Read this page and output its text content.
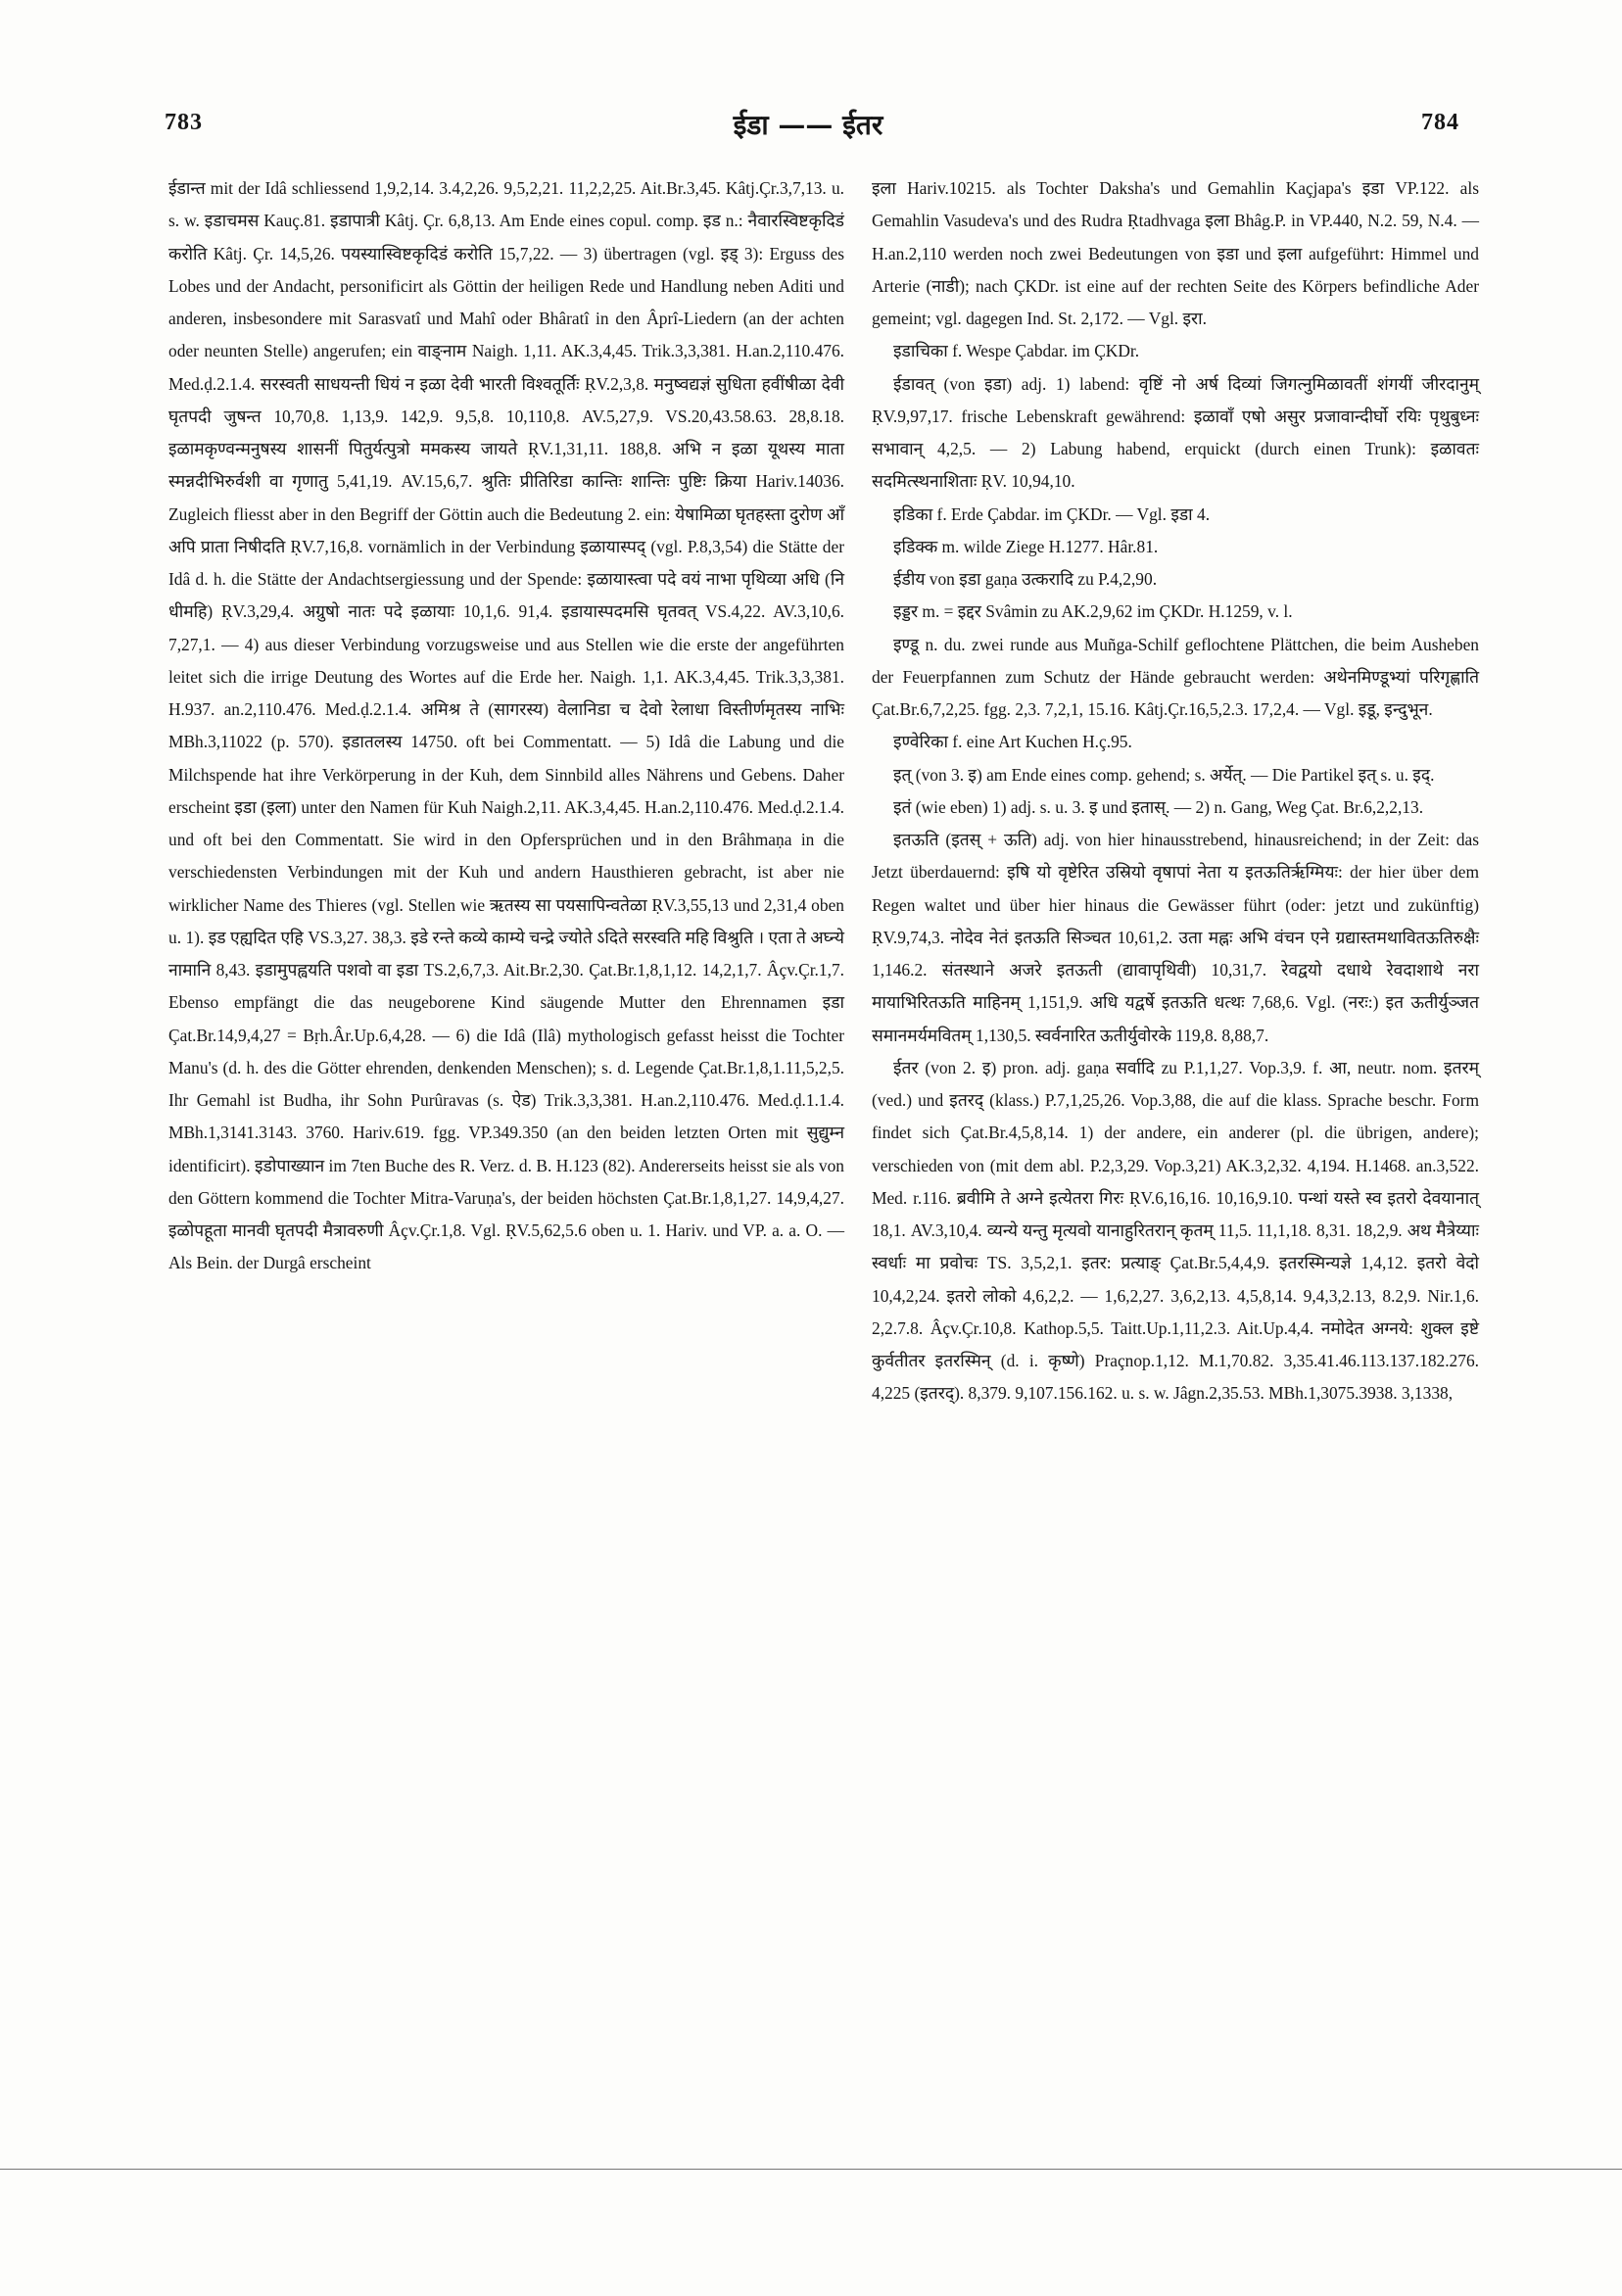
783	ईडा —— ईतर	784

ईडान्त mit der Idâ schliessend 1,9,2,14. 3.4,2,26. 9,5,2,21. 11,2,2,25. Ait.Br.3,45. Kâtj.Çr.3,7,13. u. s. w. इडाचमस Kauç.81. इडापात्री Kâtj. Çr. 6,8,13. Am Ende eines copul. comp. इड n.: नैवारस्विष्टकृदिडं करोति Kâtj. Çr. 14,5,26. पयस्यास्विष्टकृदिडं करोति 15,7,22. — 3) übertragen (vgl. इड् 3): Erguss des Lobes und der Andacht, personificirt als Göttin der heiligen Rede und Handlung neben Aditi und anderen, insbesondere mit Sarasvatî und Mahî oder Bhâratî in den Âprî-Liedern (an der achten oder neunten Stelle) angerufen; ein वाङ्नाम Naigh. 1,11. AK.3,4,45. Trik.3,3,381. H.an.2,110.476. Med.ḍ.2.1.4. सरस्वती साधयन्ती धियं न इळा देवी भारती विश्वतूर्तिः ṚV.2,3,8. मनुष्वद्यज्ञं सुधिता हवींषीळा देवी घृतपदी जुषन्त 10,70,8. 1,13,9. 142,9. 9,5,8. 10,110,8. AV.5,27,9. VS.20,43.58.63. 28,8.18. इळामकृण्वन्मनुषस्य शासनीं पितुर्यत्पुत्रो ममकस्य जायते ṚV.1,31,11. 188,8. अभि न इळा यूथस्य माता स्मन्नदीभिरुर्वशी वा गृणातु 5,41,19. AV.15,6,7. श्रुतिः प्रीतिरिडा कान्तिः शान्तिः पुष्टिः क्रिया Hariv.14036. Zugleich fliesst aber in den Begriff der Göttin auch die Bedeutung 2. ein: येषामिळा घृतहस्ता दुरोण आँ अपि प्राता निषीदति ṚV.7,16,8. vornämlich in der Verbindung इळायास्पद् (vgl. P.8,3,54) die Stätte der Idâ d. h. die Stätte der Andachtsergiessung und der Spende: इळायास्त्वा पदे वयं नाभा पृथिव्या अधि (नि धीमहि) ṚV.3,29,4. अग्रुषो नातः पदे इळायाः 10,1,6. 91,4. इडायास्पदमसि घृतवत् VS.4,22. AV.3,10,6. 7,27,1. — 4) aus dieser Verbindung vorzugsweise und aus Stellen wie die erste der angeführten leitet sich die irrige Deutung des Wortes auf die Erde her. Naigh. 1,1. AK.3,4,45. Trik.3,3,381. H.937. an.2,110.476. Med.ḍ.2.1.4. अमिश्र ते (सागरस्य) वेलानिडा च देवो रेलाधा विस्तीर्णमृतस्य नाभिः MBh.3,11022 (p. 570). इडातलस्य 14750. oft bei Commentatt. — 5) Idâ die Labung und die Milchspende hat ihre Verkörperung in der Kuh, dem Sinnbild alles Nährens und Gebens. Daher erscheint इडा (इला) unter den Namen für Kuh Naigh.2,11. AK.3,4,45. H.an.2,110.476. Med.ḍ.2.1.4. und oft bei den Commentatt. Sie wird in den Opfersprüchen und in den Brâhmaṇa in die verschiedensten Verbindungen mit der Kuh und andern Hausthieren gebracht, ist aber nie wirklicher Name des Thieres (vgl. Stellen wie ऋतस्य सा पयसापिन्वतेळा ṚV.3,55,13 und 2,31,4 oben u. 1). इड एह्यदित एहि VS.3,27. 38,3. इडे रन्ते कव्ये काम्ये चन्द्रे ज्योते ऽदिते सरस्वति महि विश्रुति । एता ते अघ्न्ये नामानि 8,43. इडामुपह्वयति पशवो वा इडा TS.2,6,7,3. Ait.Br.2,30. Çat.Br.1,8,1,12. 14,2,1,7. Âçv.Çr.1,7. Ebenso empfängt die das neugeborene Kind säugende Mutter den Ehrennamen इडा Çat.Br.14,9,4,27 = Bṛh.Âr.Up.6,4,28. — 6) die Idâ (Ilâ) mythologisch gefasst heisst die Tochter Manu's (d. h. des die Götter ehrenden, denkenden Menschen); s. d. Legende Çat.Br.1,8,1.11,5,2,5. Ihr Gemahl ist Budha, ihr Sohn Purûravas (s. ऐड) Trik.3,3,381. H.an.2,110.476. Med.ḍ.1.1.4. MBh.1,3141.3143. 3760. Hariv.619. fgg. VP.349.350 (an den beiden letzten Orten mit सुद्युम्न identificirt). इडोपाख्यान im 7ten Buche des R. Verz. d. B. H.123 (82). Andererseits heisst sie als von den Göttern kommend die Tochter Mitra-Varuṇa's, der beiden höchsten Çat.Br.1,8,1,27. 14,9,4,27. इळोपहूता मानवी घृतपदी मैत्रावरुणी Âçv.Çr.1,8. Vgl. ṚV.5,62,5.6 oben u. 1. Hariv. und VP. a. a. O. — Als Bein. der Durgâ erscheint

इला Hariv.10215. als Tochter Daksha's und Gemahlin Kaçjapa's इडा VP.122. als Gemahlin Vasudeva's und des Rudra Ṛtadhvaga इला Bhâg.P. in VP.440, N.2. 59, N.4. — H.an.2,110 werden noch zwei Bedeutungen von इडा und इला aufgeführt: Himmel und Arterie (नाडी); nach ÇKDr. ist eine auf der rechten Seite des Körpers befindliche Ader gemeint; vgl. dagegen Ind. St. 2,172. — Vgl. इरा.

इडाचिका f. Wespe Çabdar. im ÇKDr.

ईडावत् (von इडा) adj. 1) labend: वृष्टिं नो अर्ष दिव्यां जिगत्नुमिळावतीं शंगयीं जीरदानुम् ṚV.9,97,17. frische Lebenskraft gewährend: इळावाँ एषो असुर प्रजावान्दीर्घो रयिः पृथुबुध्नः सभावान् 4,2,5. — 2) Labung habend, erquickt (durch einen Trunk): इळावतः सदमित्स्थनाशिताः ṚV. 10,94,10.

इडिका f. Erde Çabdar. im ÇKDr. — Vgl. इडा 4.

इडिक्क m. wilde Ziege H.1277. Hâr.81.

ईडीय von इडा gaṇa उत्करादि zu P.4,2,90.

इड्डर m. = इद्दर Svâmin zu AK.2,9,62 im ÇKDr. H.1259, v. l.

इण्डू n. du. zwei runde aus Muñga-Schilf geflochtene Plättchen, die beim Ausheben der Feuerpfannen zum Schutz der Hände gebraucht werden: अथेनमिण्डूभ्यां परिगृह्णाति Çat.Br.6,7,2,25. fgg. 2,3. 7,2,1, 15.16. Kâtj.Çr.16,5,2.3. 17,2,4. — Vgl. इडू, इन्दुभून.

इण्वेरिका f. eine Art Kuchen H.ç.95.

इत् (von 3. इ) am Ende eines comp. gehend; s. अर्येत्. — Die Partikel इत् s. u. इद्.

इतं (wie eben) 1) adj. s. u. 3. इ und इतास्. — 2) n. Gang, Weg Çat. Br.6,2,2,13.

इतऊति (इतस् + ऊति) adj. von hier hinausstrebend, hinausreichend; in der Zeit: das Jetzt überdauernd: इषि यो वृष्टेरित उस्रियो वृषापां नेता य इतऊतिरृग्मियः: der hier über dem Regen waltet und über hier hinaus die Gewässer führt (oder: jetzt und zukünftig) ṚV.9,74,3. नोदेव नेतं इतऊति सिञ्चत 10,61,2. उता मह्नः अभि वंचन एने ग्रद्यास्तमथावितऊतिरुक्षैः 1,146.2. संतस्थाने अजरे इतऊती (द्यावापृथिवी) 10,31,7. रेवद्वयो दधाथे रेवदाशाथे नरा मायाभिरितऊति माहिनम् 1,151,9. अधि यद्वर्षे इतऊति धत्थः 7,68,6. Vgl. (नरः:) इत ऊतीर्युञ्जत समानमर्यमवितम् 1,130,5. स्वर्वनारित ऊतीर्युवोरके 119,8. 8,88,7.

ईतर (von 2. इ) pron. adj. gaṇa सर्वादि zu P.1,1,27. Vop.3,9. f. आ, neutr. nom. इतरम् (ved.) und इतरद् (klass.) P.7,1,25,26. Vop.3,88, die auf die klass. Sprache beschr. Form findet sich Çat.Br.4,5,8,14. 1) der andere, ein anderer (pl. die übrigen, andere); verschieden von (mit dem abl. P.2,3,29. Vop.3,21) AK.3,2,32. 4,194. H.1468. an.3,522. Med. r.116. ब्रवीमि ते अग्ने इत्येतरा गिरः ṚV.6,16,16. 10,16,9.10. पन्थां यस्ते स्व इतरो देवयानात् 18,1. AV.3,10,4. व्यन्ये यन्तु मृत्यवो यानाहुरितरान् कृतम् 11,5. 11,1,18. 8,31. 18,2,9. अथ मैत्रेय्याः स्वर्धाः मा प्रवोचः TS. 3,5,2,1. इतर: प्रत्याङ् Çat.Br.5,4,4,9. इतरस्मिन्यज्ञे 1,4,12. इतरो वेदो 10,4,2,24. इतरो लोको 4,6,2,2. — 1,6,2,27. 3,6,2,13. 4,5,8,14. 9,4,3,2.13, 8.2,9. Nir.1,6. 2,2.7.8. Âçv.Çr.10,8. Kathop.5,5. Taitt.Up.1,11,2.3. Ait.Up.4,4. नमोदेत अग्नये: शुक्ल इष्टे कुर्वतीतर इतरस्मिन् (d. i. कृष्णे) Praçnop.1,12. M.1,70.82. 3,35.41.46.113.137.182.276. 4,225 (इतरद्). 8,379. 9,107.156.162. u. s. w. Jâgn.2,35.53. MBh.1,3075.3938. 3,1338,
